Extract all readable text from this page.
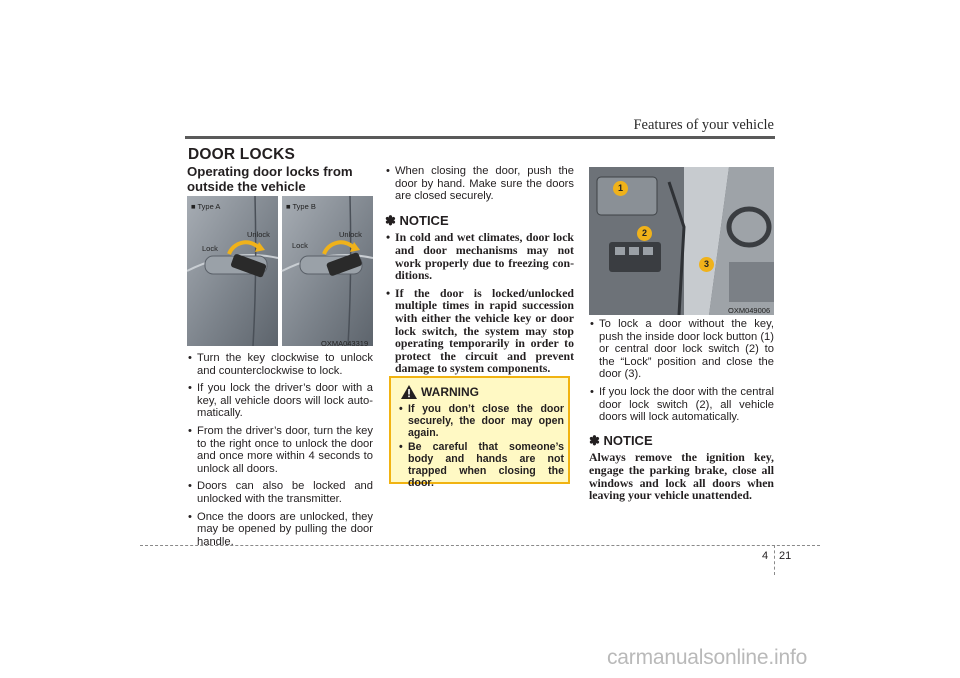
Features of your vehicle
DOOR LOCKS
Operating door locks from outside the vehicle
■ Type A	■ Type B
Lock
Unlock
Lock
Unlock
OXMA043319
• Turn the key clockwise to unlock and counterclockwise to lock.
• If you lock the driver’s door with a key, all vehicle doors will lock auto-matically.
• From the driver’s door, turn the key to the right once to unlock the door and once more within 4 seconds to unlock all doors.
• Doors can also be locked and unlocked with the transmitter.
• Once the doors are unlocked, they may be opened by pulling the door handle.
• When closing the door, push the door by hand. Make sure the doors are closed securely.
✽ NOTICE
• In cold and wet climates, door lock and door mechanisms may not work properly due to freezing con-ditions.
• If the door is locked/unlocked multiple times in rapid succession with either the vehicle key or door lock switch, the system may stop operating temporarily in order to protect the circuit and prevent damage to system components.
WARNING
• If you don’t close the door securely, the door may open again.
• Be careful that someone’s body and hands are not trapped when closing the door.
1
2
3
OXM049006
• To lock a door without the key, push the inside door lock button (1) or central door lock switch (2) to the “Lock” position and close the door (3).
• If you lock the door with the central door lock switch (2), all vehicle doors will lock automatically.
✽ NOTICE
Always remove the ignition key, engage the parking brake, close all windows and lock all doors when leaving your vehicle unattended.
4 21
carmanualsonline.info
